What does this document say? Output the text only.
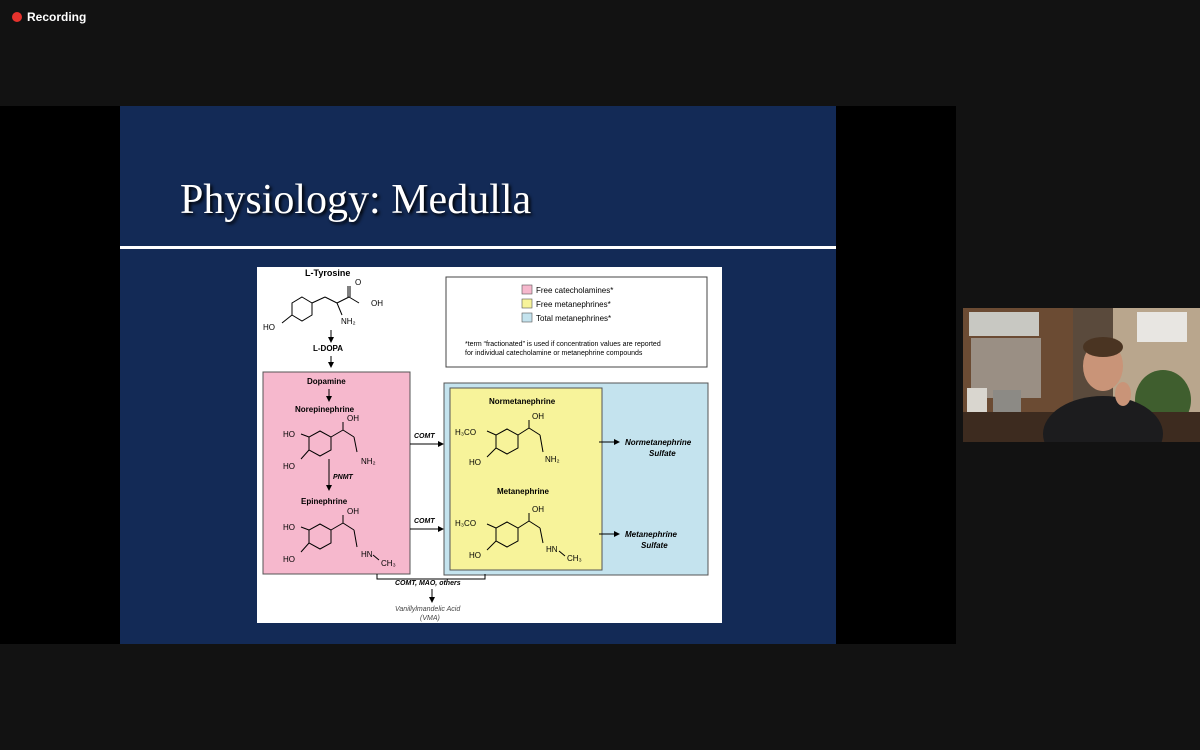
Recording
Physiology: Medulla
L-Tyrosine
O
OH
NH₂
HO
L-DOPA
Free catecholamines*
Free metanephrines*
Total metanephrines*
*term “fractionated” is used if concentration values are reported
for individual catecholamine or metanephrine compounds
Dopamine
Norepinephrine
OH
HO
HO
NH₂
PNMT
Epinephrine
OH
HO
HO
HN
CH₃
COMT
COMT
Normetanephrine
OH
H₃CO
HO	NH₂
Metanephrine
OH
H₃CO
HO
HN
CH₃
Normetanephrine
Sulfate
Metanephrine
Sulfate
COMT, MAO, others
Vanillylmandelic Acid
(VMA)
